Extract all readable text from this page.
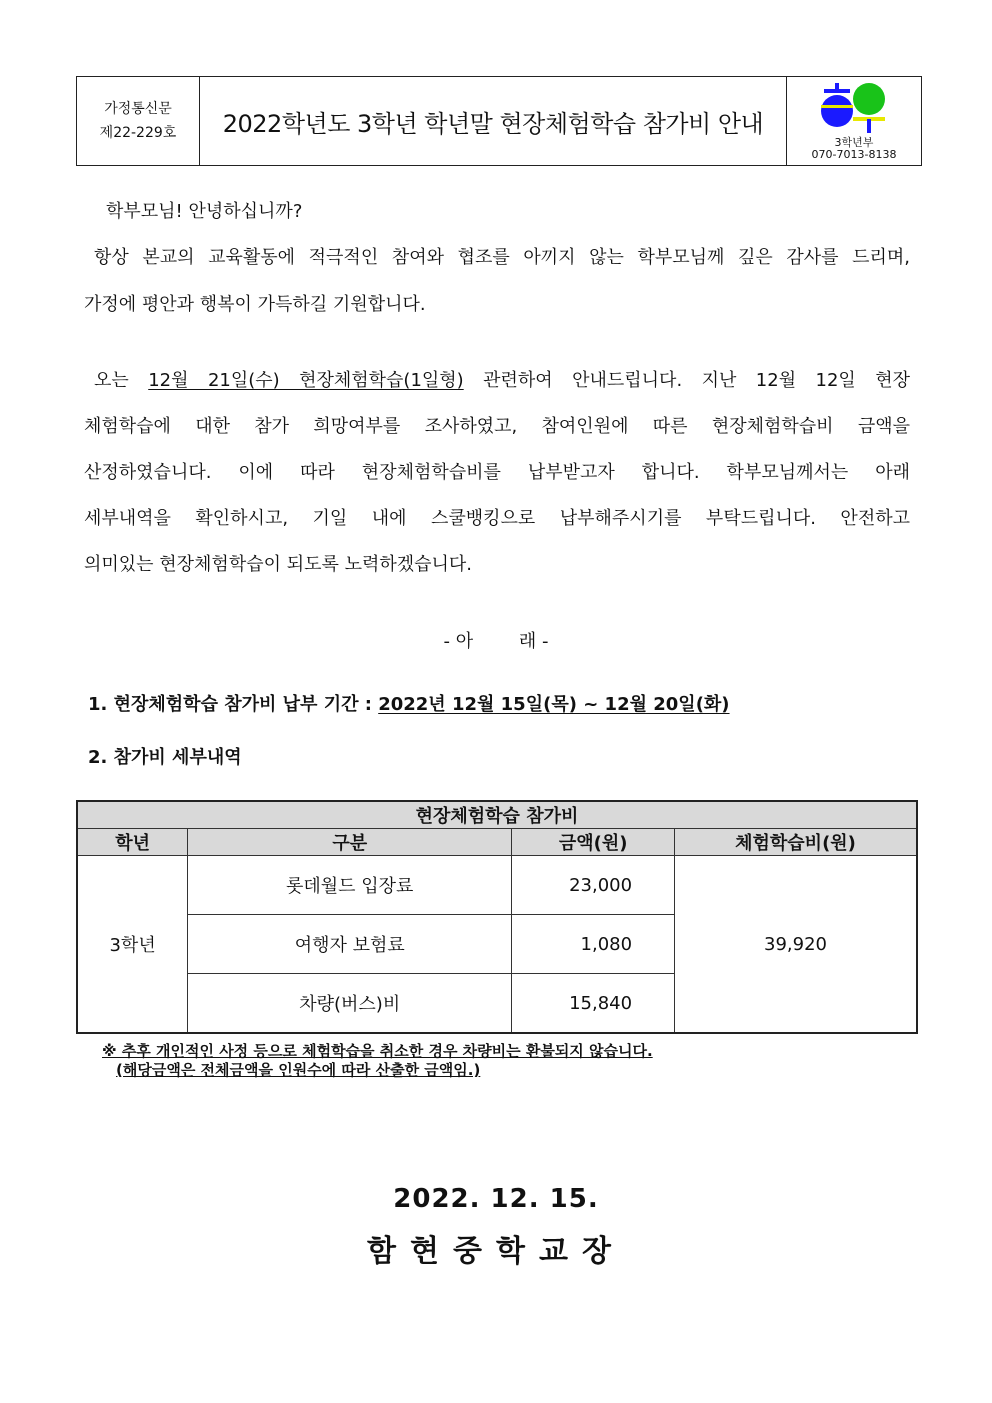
가정통신문
제22-229호	2022학년도 3학년 학년말 현장체험학습 참가비 안내
3학년부
070-7013-8138
학부모님! 안녕하십니까?
항상 본교의 교육활동에 적극적인 참여와 협조를 아끼지 않는 학부모님께 깊은 감사를 드리며,
가정에 평안과 행복이 가득하길 기원합니다.
오는 12월 21일(수) 현장체험학습(1일형) 관련하여 안내드립니다. 지난 12월 12일 현장
체험학습에 대한 참가 희망여부를 조사하였고, 참여인원에 따른 현장체험학습비 금액을
산정하였습니다. 이에 따라 현장체험학습비를 납부받고자 합니다. 학부모님께서는 아래
세부내역을 확인하시고, 기일 내에 스쿨뱅킹으로 납부해주시기를 부탁드립니다. 안전하고
의미있는 현장체험학습이 되도록 노력하겠습니다.
- 아        래 -
1. 현장체험학습 참가비 납부 기간 : 2022년 12월 15일(목) ~ 12월 20일(화)
2. 참가비 세부내역
현장체험학습 참가비			
학년	구분	금액(원)	체험학습비(원)
3학년	롯데월드 입장료	23,000	39,920
	여행자 보험료	1,080	
	차량(버스)비	15,840	
※ 추후 개인적인 사정 등으로 체험학습을 취소한 경우 차량비는 환불되지 않습니다.
(해당금액은 전체금액을 인원수에 따라 산출한 금액임.)
2022. 12. 15.
함현중학교장
